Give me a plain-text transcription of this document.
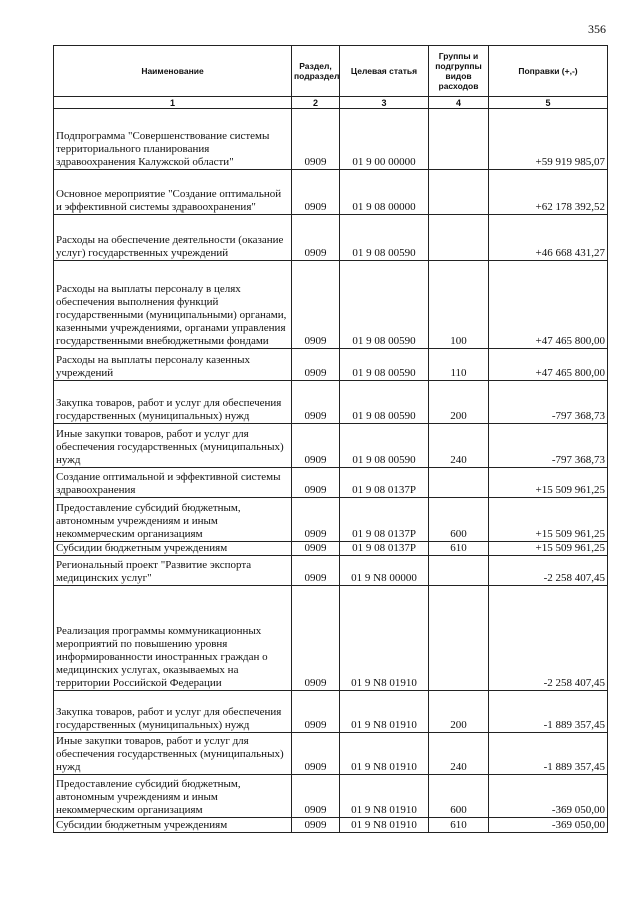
356
Наименование	Раздел, подраздел	Целевая статья	Группы и подгруппы видов расходов	Поправки (+,-)
1	2	3	4	5
Подпрограмма "Совершенствование системы территориального планирования здравоохранения Калужской области"	0909	01 9 00 00000		+59 919 985,07
Основное мероприятие "Создание оптимальной и эффективной системы здравоохранения"	0909	01 9 08 00000		+62 178 392,52
Расходы на обеспечение деятельности (оказание услуг) государственных учреждений	0909	01 9 08 00590		+46 668 431,27
Расходы на выплаты персоналу в целях обеспечения выполнения функций государственными (муниципальными) органами, казенными учреждениями, органами управления государственными внебюджетными фондами	0909	01 9 08 00590	100	+47 465 800,00
Расходы на выплаты персоналу казенных учреждений	0909	01 9 08 00590	110	+47 465 800,00
Закупка товаров, работ и услуг для обеспечения государственных (муниципальных) нужд	0909	01 9 08 00590	200	-797 368,73
Иные закупки товаров, работ и услуг для обеспечения государственных (муниципальных) нужд	0909	01 9 08 00590	240	-797 368,73
Создание оптимальной и эффективной системы здравоохранения	0909	01 9 08 0137Р		+15 509 961,25
Предоставление субсидий бюджетным, автономным учреждениям и иным некоммерческим организациям	0909	01 9 08 0137Р	600	+15 509 961,25
Субсидии бюджетным учреждениям	0909	01 9 08 0137Р	610	+15 509 961,25
Региональный проект "Развитие экспорта медицинских услуг"	0909	01 9 N8 00000		-2 258 407,45
Реализация программы коммуникационных мероприятий по повышению уровня информированности иностранных граждан о медицинских услугах, оказываемых на территории Российской Федерации	0909	01 9 N8 01910		-2 258 407,45
Закупка товаров, работ и услуг для обеспечения государственных (муниципальных) нужд	0909	01 9 N8 01910	200	-1 889 357,45
Иные закупки товаров, работ и услуг для обеспечения государственных (муниципальных) нужд	0909	01 9 N8 01910	240	-1 889 357,45
Предоставление субсидий бюджетным, автономным учреждениям и иным некоммерческим организациям	0909	01 9 N8 01910	600	-369 050,00
Субсидии бюджетным учреждениям	0909	01 9 N8 01910	610	-369 050,00
